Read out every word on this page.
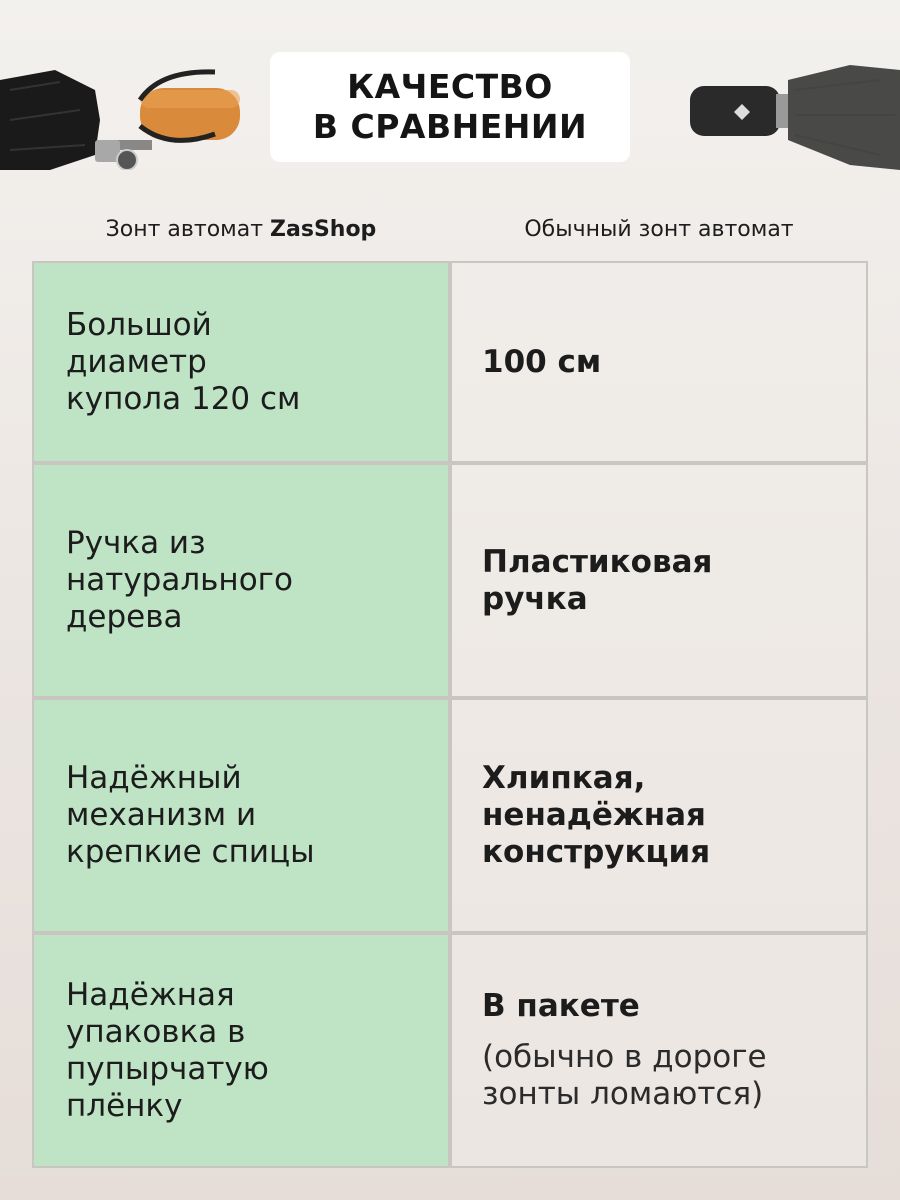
КАЧЕСТВО
В СРАВНЕНИИ
Зонт автомат ZasShop	Обычный зонт автомат
Большой
диаметр
купола 120 см
100 см
Ручка из
натурального
дерева
Пластиковая
ручка
Надёжный
механизм и
крепкие спицы
Хлипкая,
ненадёжная
конструкция
Надёжная
упаковка в
пупырчатую
плёнку
В пакете
(обычно в дороге
зонты ломаются)
